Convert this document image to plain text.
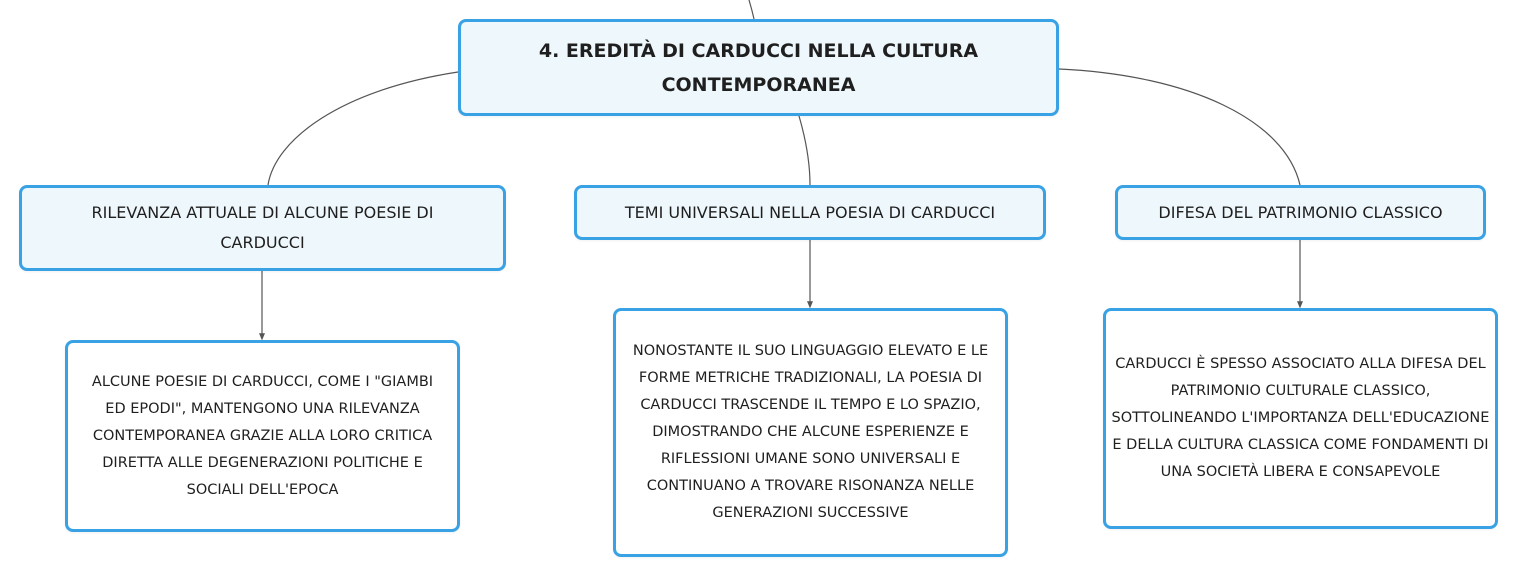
4. EREDITÀ DI CARDUCCI NELLA CULTURA CONTEMPORANEA
RILEVANZA ATTUALE DI ALCUNE POESIE DI CARDUCCI
TEMI UNIVERSALI NELLA POESIA DI CARDUCCI	DIFESA DEL PATRIMONIO CLASSICO
ALCUNE POESIE DI CARDUCCI, COME I "GIAMBI ED EPODI", MANTENGONO UNA RILEVANZA CONTEMPORANEA GRAZIE ALLA LORO CRITICA DIRETTA ALLE DEGENERAZIONI POLITICHE E SOCIALI DELL'EPOCA
NONOSTANTE IL SUO LINGUAGGIO ELEVATO E LE FORME METRICHE TRADIZIONALI, LA POESIA DI CARDUCCI TRASCENDE IL TEMPO E LO SPAZIO, DIMOSTRANDO CHE ALCUNE ESPERIENZE E RIFLESSIONI UMANE SONO UNIVERSALI E CONTINUANO A TROVARE RISONANZA NELLE GENERAZIONI SUCCESSIVE
CARDUCCI È SPESSO ASSOCIATO ALLA DIFESA DEL PATRIMONIO CULTURALE CLASSICO, SOTTOLINEANDO L'IMPORTANZA DELL'EDUCAZIONE E DELLA CULTURA CLASSICA COME FONDAMENTI DI UNA SOCIETÀ LIBERA E CONSAPEVOLE
